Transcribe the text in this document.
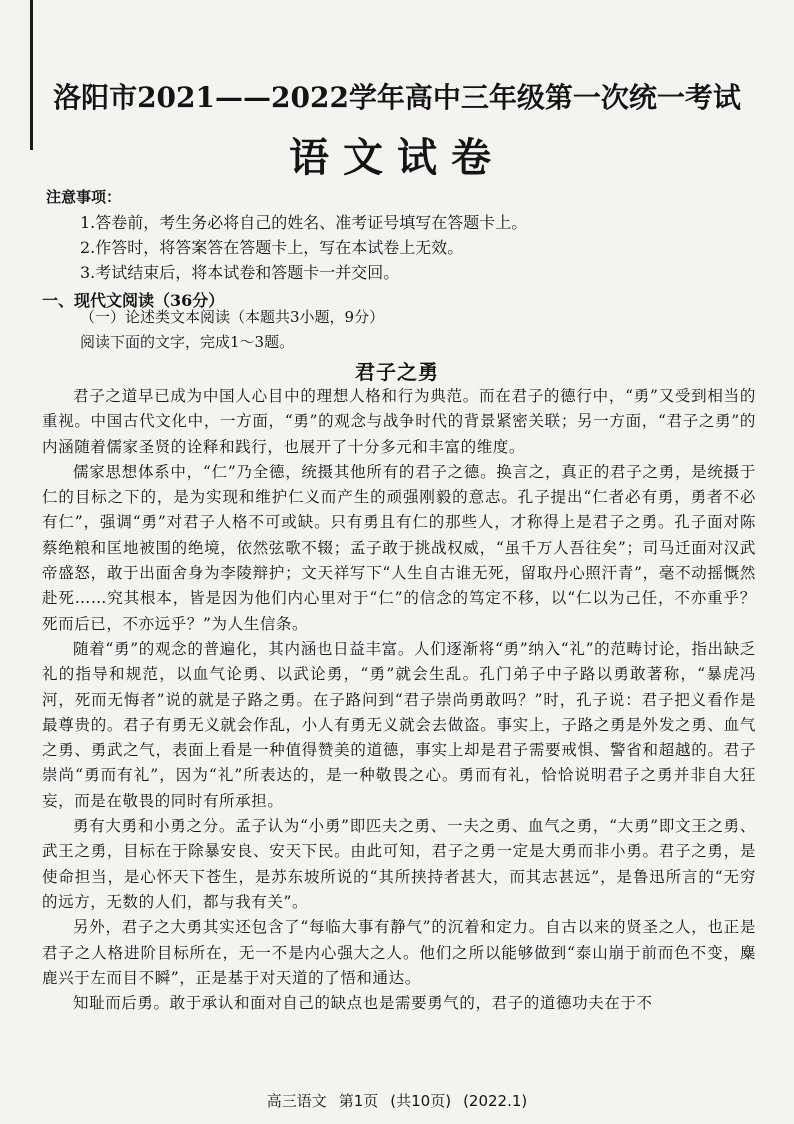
洛阳市2021——2022学年高中三年级第一次统一考试
语文试卷
注意事项：
1.答卷前，考生务必将自己的姓名、准考证号填写在答题卡上。
2.作答时，将答案答在答题卡上，写在本试卷上无效。
3.考试结束后，将本试卷和答题卡一并交回。
一、现代文阅读（36分）
（一）论述类文本阅读（本题共3小题，9分）
阅读下面的文字，完成1～3题。
君子之勇

君子之道早已成为中国人心目中的理想人格和行为典范。而在君子的德行中，“勇”又受到相当的重视。中国古代文化中，一方面，“勇”的观念与战争时代的背景紧密关联；另一方面，“君子之勇”的内涵随着儒家圣贤的诠释和践行，也展开了十分多元和丰富的维度。

儒家思想体系中，“仁”乃全德，统摄其他所有的君子之德。换言之，真正的君子之勇，是统摄于仁的目标之下的，是为实现和维护仁义而产生的顽强刚毅的意志。孔子提出“仁者必有勇，勇者不必有仁”，强调“勇”对君子人格不可或缺。只有勇且有仁的那些人，才称得上是君子之勇。孔子面对陈蔡绝粮和匡地被围的绝境，依然弦歌不辍；孟子敢于挑战权威，“虽千万人吾往矣”；司马迁面对汉武帝盛怒，敢于出面舍身为李陵辩护；文天祥写下“人生自古谁无死，留取丹心照汗青”，毫不动摇慨然赴死……究其根本，皆是因为他们内心里对于“仁”的信念的笃定不移，以“仁以为己任，不亦重乎？死而后已，不亦远乎？”为人生信条。

随着“勇”的观念的普遍化，其内涵也日益丰富。人们逐渐将“勇”纳入“礼”的范畴讨论，指出缺乏礼的指导和规范，以血气论勇、以武论勇，“勇”就会生乱。孔门弟子中子路以勇敢著称，“暴虎冯河，死而无悔者”说的就是子路之勇。在子路问到“君子崇尚勇敢吗？”时，孔子说：君子把义看作是最尊贵的。君子有勇无义就会作乱，小人有勇无义就会去做盗。事实上，子路之勇是外发之勇、血气之勇、勇武之气，表面上看是一种值得赞美的道德，事实上却是君子需要戒惧、警省和超越的。君子崇尚“勇而有礼”，因为“礼”所表达的，是一种敬畏之心。勇而有礼，恰恰说明君子之勇并非自大狂妄，而是在敬畏的同时有所承担。

勇有大勇和小勇之分。孟子认为“小勇”即匹夫之勇、一夫之勇、血气之勇，“大勇”即文王之勇、武王之勇，目标在于除暴安良、安天下民。由此可知，君子之勇一定是大勇而非小勇。君子之勇，是使命担当，是心怀天下苍生，是苏东坡所说的“其所挟持者甚大，而其志甚远”，是鲁迅所言的“无穷的远方，无数的人们，都与我有关”。

另外，君子之大勇其实还包含了“每临大事有静气”的沉着和定力。自古以来的贤圣之人，也正是君子之人格进阶目标所在，无一不是内心强大之人。他们之所以能够做到“泰山崩于前而色不变，麋鹿兴于左而目不瞬”，正是基于对天道的了悟和通达。

知耻而后勇。敢于承认和面对自己的缺点也是需要勇气的，君子的道德功夫在于不

高三语文 第1页 (共10页) (2022.1)
